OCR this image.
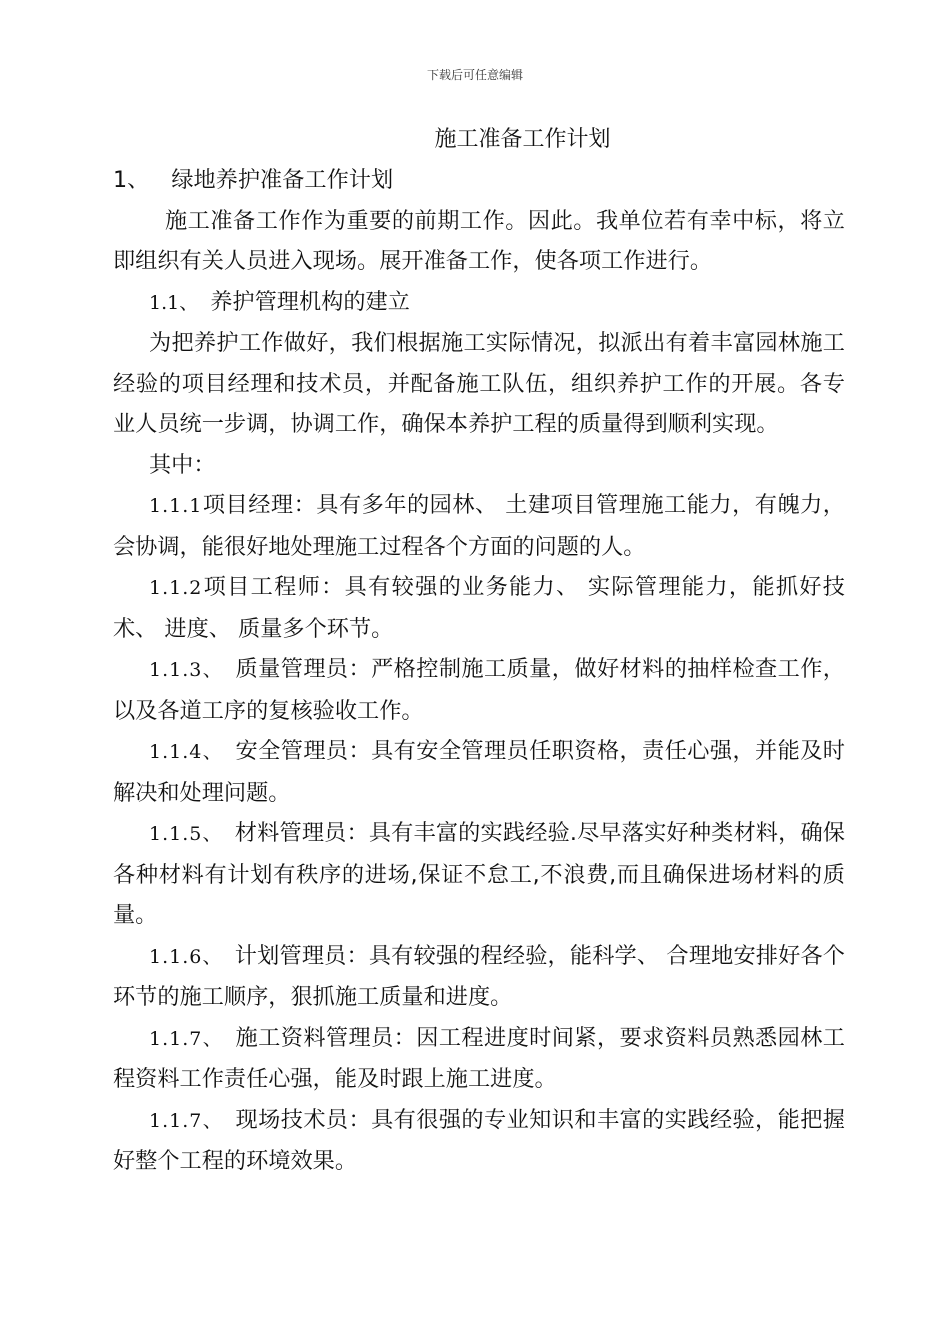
下载后可任意编辑
施工准备工作计划

1、 绿地养护准备工作计划

施工准备工作作为重要的前期工作。因此。我单位若有幸中标，将立即组织有关人员进入现场。展开准备工作，使各项工作进行。

1.1、 养护管理机构的建立

为把养护工作做好，我们根据施工实际情况，拟派出有着丰富园林施工经验的项目经理和技术员，并配备施工队伍，组织养护工作的开展。各专业人员统一步调，协调工作，确保本养护工程的质量得到顺利实现。

其中：

1.1.1项目经理：具有多年的园林、 土建项目管理施工能力，有魄力，会协调，能很好地处理施工过程各个方面的问题的人。

1.1.2项目工程师：具有较强的业务能力、 实际管理能力，能抓好技术、 进度、 质量多个环节。

1.1.3、 质量管理员：严格控制施工质量，做好材料的抽样检查工作，以及各道工序的复核验收工作。

1.1.4、 安全管理员：具有安全管理员任职资格，责任心强，并能及时解决和处理问题。

1.1.5、 材料管理员：具有丰富的实践经验.尽早落实好种类材料，确保各种材料有计划有秩序的进场,保证不怠工,不浪费,而且确保进场材料的质量。

1.1.6、 计划管理员：具有较强的程经验，能科学、 合理地安排好各个环节的施工顺序，狠抓施工质量和进度。

1.1.7、 施工资料管理员：因工程进度时间紧，要求资料员熟悉园林工程资料工作责任心强，能及时跟上施工进度。

1.1.7、 现场技术员：具有很强的专业知识和丰富的实践经验，能把握好整个工程的环境效果。
